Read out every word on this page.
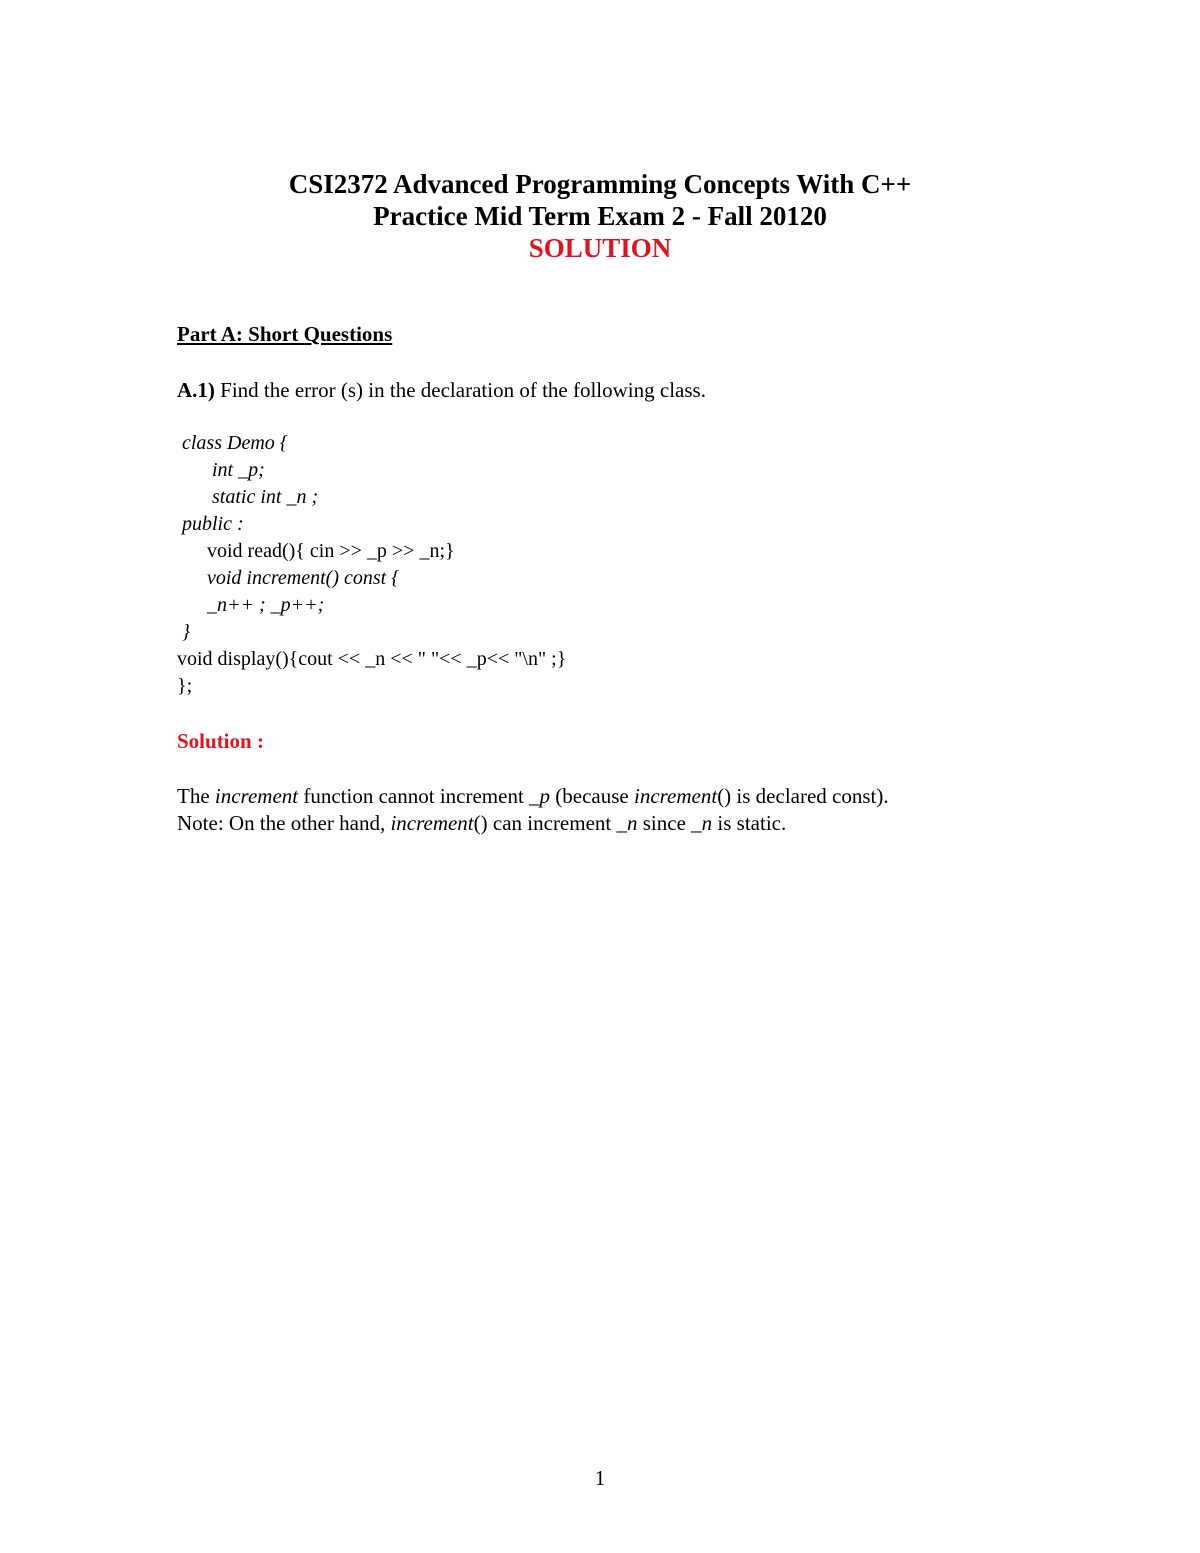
CSI2372 Advanced Programming Concepts With C++
Practice Mid Term Exam 2 - Fall 20120
SOLUTION
Part A: Short Questions
A.1) Find the error (s) in the declaration of the following class.
class Demo {
int _p;
static int _n ;
public :
void read(){ cin >> _p >> _n;}
void increment() const {
_n++ ; _p++;
}
void display(){cout << _n << " "<< _p<< "\n" ;}
};
Solution :
The increment function cannot increment _p (because increment() is declared const).
Note: On the other hand, increment() can increment _n since _n is static.
1
